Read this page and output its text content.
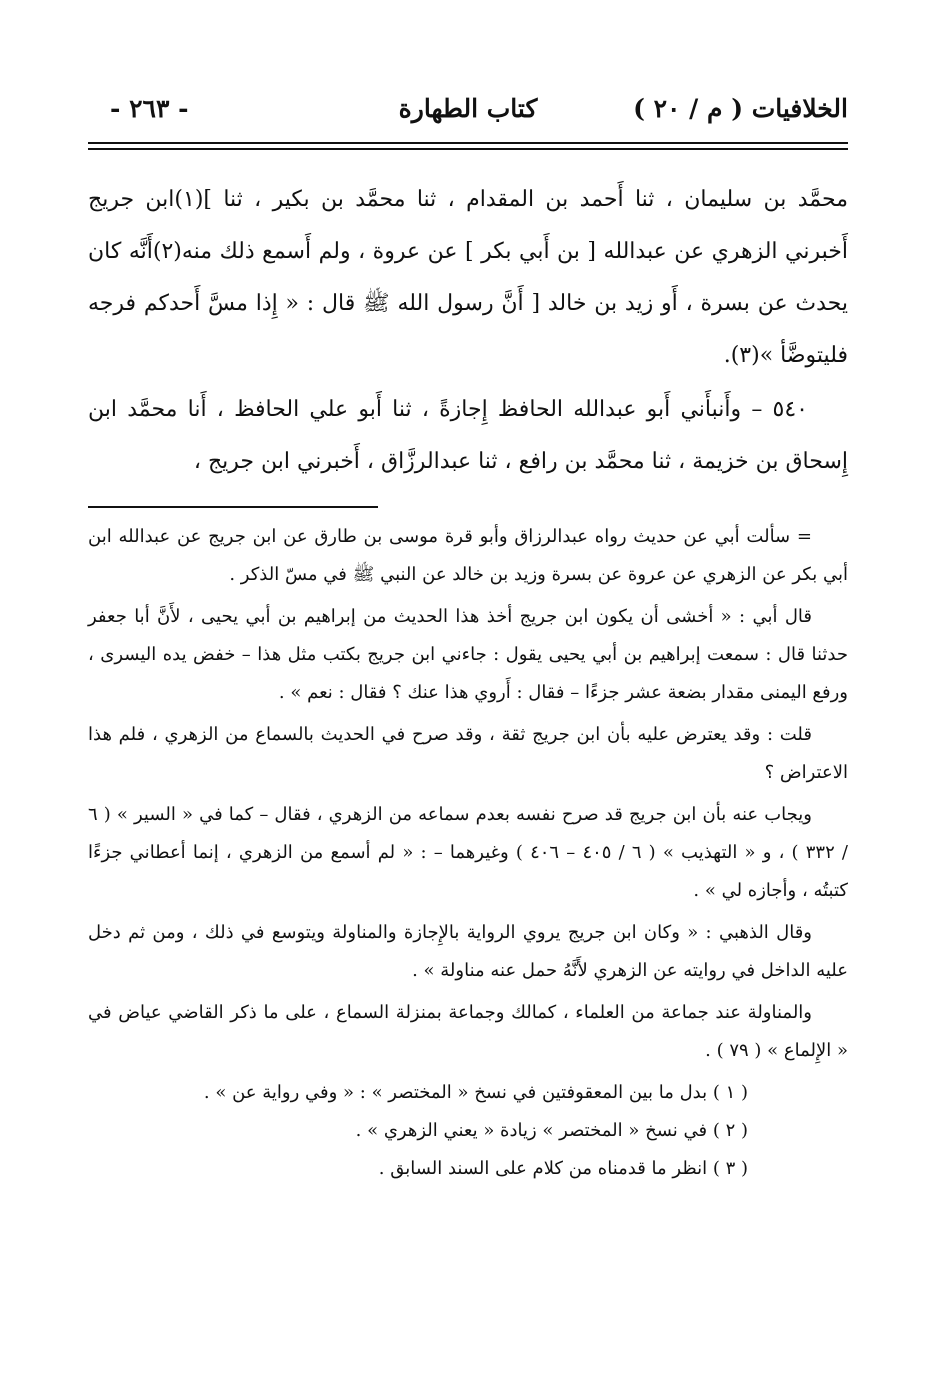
الخلافيات ( م / ٢٠ )
كتاب الطهارة
- ٢٦٣ -

محمَّد بن سليمان ، ثنا أَحمد بن المقدام ، ثنا محمَّد بن بكير ، ثنا ](١)ابن جريج أَخبرني الزهري عن عبدالله [ بن أَبي بكر ] عن عروة ، ولم أَسمع ذلك منه(٢)أَنَّه كان يحدث عن بسرة ، أَو زيد بن خالد [ أَنَّ رسول الله ﷺ قال : « إِذا مسَّ أَحدكم فرجه فليتوضَّأ »(٣).

٥٤٠ – وأَنبأَني أَبو عبدالله الحافظ إِجازةً ، ثنا أَبو علي الحافظ ، أَنا محمَّد ابن إِسحاق بن خزيمة ، ثنا محمَّد بن رافع ، ثنا عبدالرزَّاق ، أَخبرني ابن جريج ،

= سألت أبي عن حديث رواه عبدالرزاق وأبو قرة موسى بن طارق عن ابن جريج عن عبدالله ابن أبي بكر عن الزهري عن عروة عن بسرة وزيد بن خالد عن النبي ﷺ في مسّ الذكر .

قال أبي : « أخشى أن يكون ابن جريج أخذ هذا الحديث من إبراهيم بن أبي يحيى ، لأَنَّ أبا جعفر حدثنا قال : سمعت إبراهيم بن أبي يحيى يقول : جاءني ابن جريج بكتب مثل هذا – خفض يده اليسرى ، ورفع اليمنى مقدار بضعة عشر جزءًا – فقال : أَروي هذا عنك ؟ فقال : نعم » .

قلت : وقد يعترض عليه بأن ابن جريج ثقة ، وقد صرح في الحديث بالسماع من الزهري ، فلم هذا الاعتراض ؟

ويجاب عنه بأن ابن جريج قد صرح نفسه بعدم سماعه من الزهري ، فقال – كما في « السير » ( ٦ / ٣٣٢ ) ، و « التهذيب » ( ٦ / ٤٠٥ – ٤٠٦ ) وغيرهما – : « لم أسمع من الزهري ، إنما أعطاني جزءًا كتبتُه ، وأجازه لي » .

وقال الذهبي : « وكان ابن جريج يروي الرواية بالإِجازة والمناولة ويتوسع في ذلك ، ومن ثم دخل عليه الداخل في روايته عن الزهري لأَنَّهُ حمل عنه مناولة » .

والمناولة عند جماعة من العلماء ، كمالك وجماعة بمنزلة السماع ، على ما ذكر القاضي عياض في « الإِلماع » ( ٧٩ ) .

( ١ ) بدل ما بين المعقوفتين في نسخ « المختصر » : « وفي رواية عن » .

( ٢ ) في نسخ « المختصر » زيادة « يعني الزهري » .

( ٣ ) انظر ما قدمناه من كلام على السند السابق .
